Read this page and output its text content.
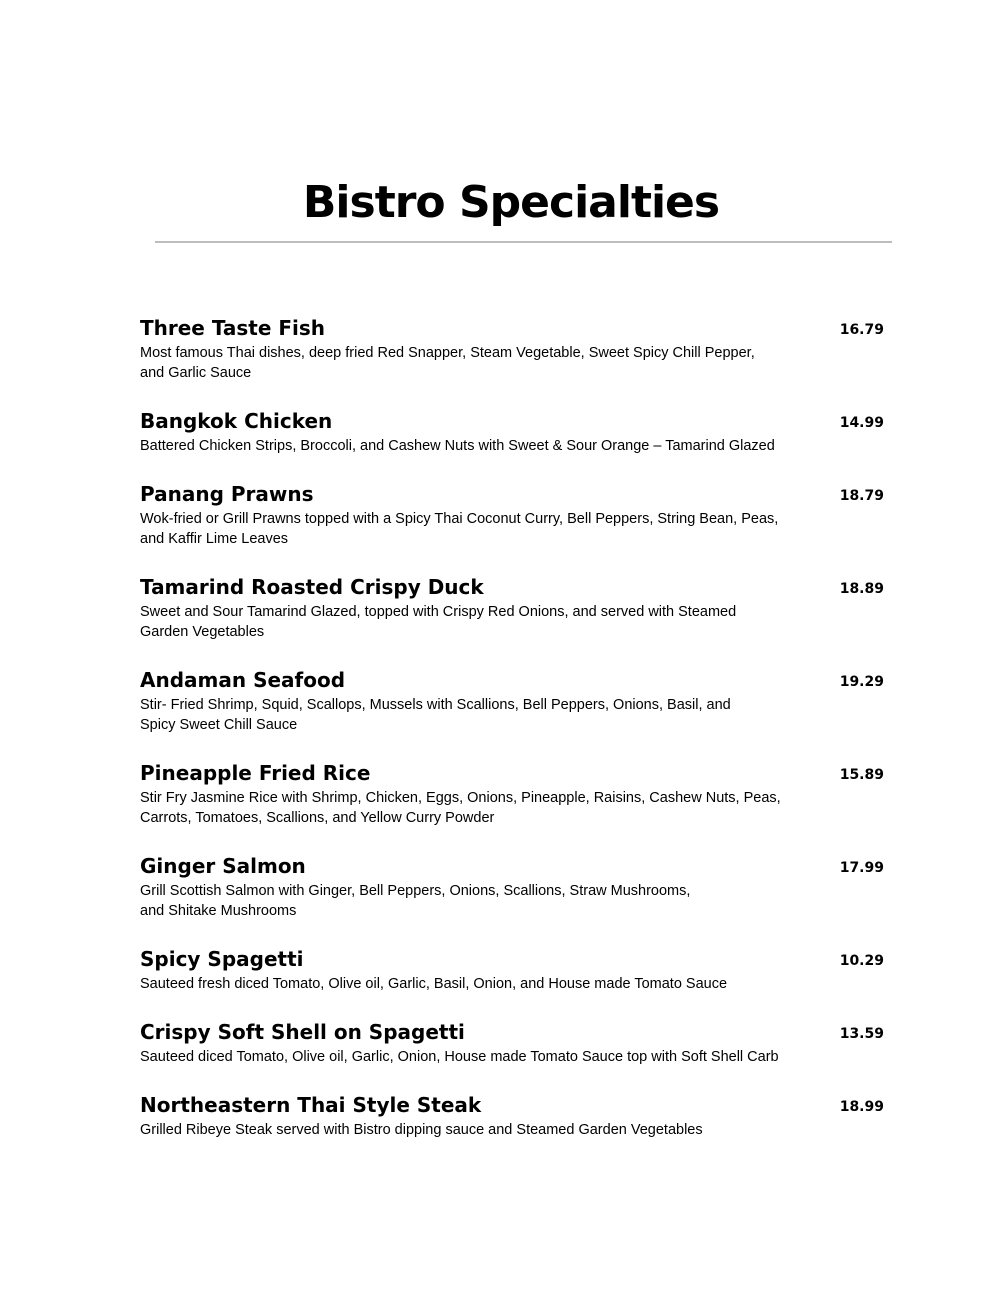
Bistro Specialties
Three Taste Fish	16.79
Most famous Thai dishes, deep fried Red Snapper, Steam Vegetable, Sweet Spicy Chill Pepper,
and Garlic Sauce
Bangkok Chicken	14.99
Battered Chicken Strips, Broccoli, and Cashew Nuts with Sweet & Sour Orange – Tamarind Glazed
Panang Prawns	18.79
Wok-fried or Grill Prawns topped with a Spicy Thai Coconut Curry, Bell Peppers, String Bean, Peas,
and Kaffir Lime Leaves
Tamarind Roasted Crispy Duck	18.89
Sweet and Sour Tamarind Glazed, topped with Crispy Red Onions, and served with Steamed
Garden Vegetables
Andaman Seafood	19.29
Stir- Fried Shrimp, Squid, Scallops, Mussels with Scallions, Bell Peppers, Onions, Basil, and
Spicy Sweet Chill Sauce
Pineapple Fried Rice	15.89
Stir Fry Jasmine Rice with Shrimp, Chicken, Eggs, Onions, Pineapple, Raisins, Cashew Nuts, Peas,
Carrots, Tomatoes, Scallions, and Yellow Curry Powder
Ginger Salmon	17.99
Grill Scottish Salmon with Ginger, Bell Peppers, Onions, Scallions, Straw Mushrooms,
and Shitake Mushrooms
Spicy Spagetti	10.29
Sauteed fresh diced Tomato, Olive oil, Garlic, Basil, Onion, and House made Tomato Sauce
Crispy Soft Shell on Spagetti	13.59
Sauteed diced Tomato, Olive oil, Garlic, Onion, House made Tomato Sauce top with Soft Shell Carb
Northeastern Thai Style Steak	18.99
Grilled Ribeye Steak served with Bistro dipping sauce and Steamed Garden Vegetables
